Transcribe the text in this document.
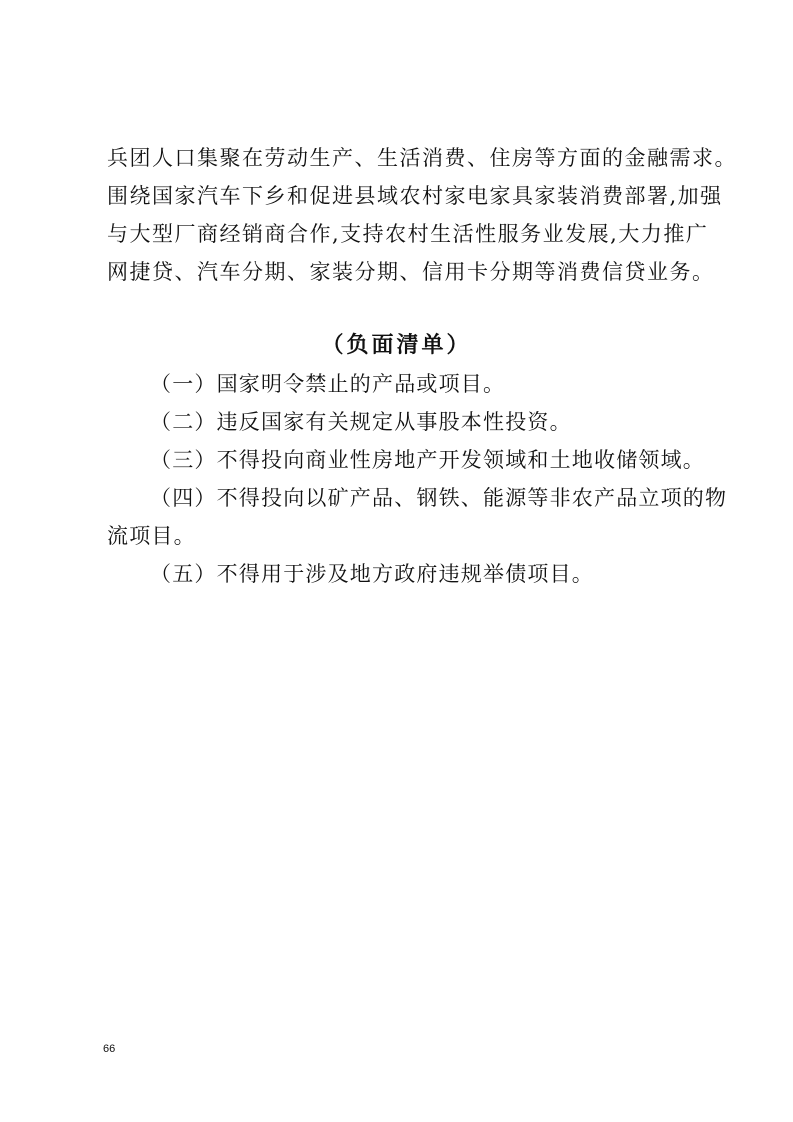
兵团人口集聚在劳动生产、生活消费、住房等方面的金融需求。
围绕国家汽车下乡和促进县域农村家电家具家装消费部署,加强
与大型厂商经销商合作,支持农村生活性服务业发展,大力推广
网捷贷、汽车分期、家装分期、信用卡分期等消费信贷业务。
（负面清单）
（一）国家明令禁止的产品或项目。
（二）违反国家有关规定从事股本性投资。
（三）不得投向商业性房地产开发领域和土地收储领域。
（四）不得投向以矿产品、钢铁、能源等非农产品立项的物
流项目。
（五）不得用于涉及地方政府违规举债项目。
66
